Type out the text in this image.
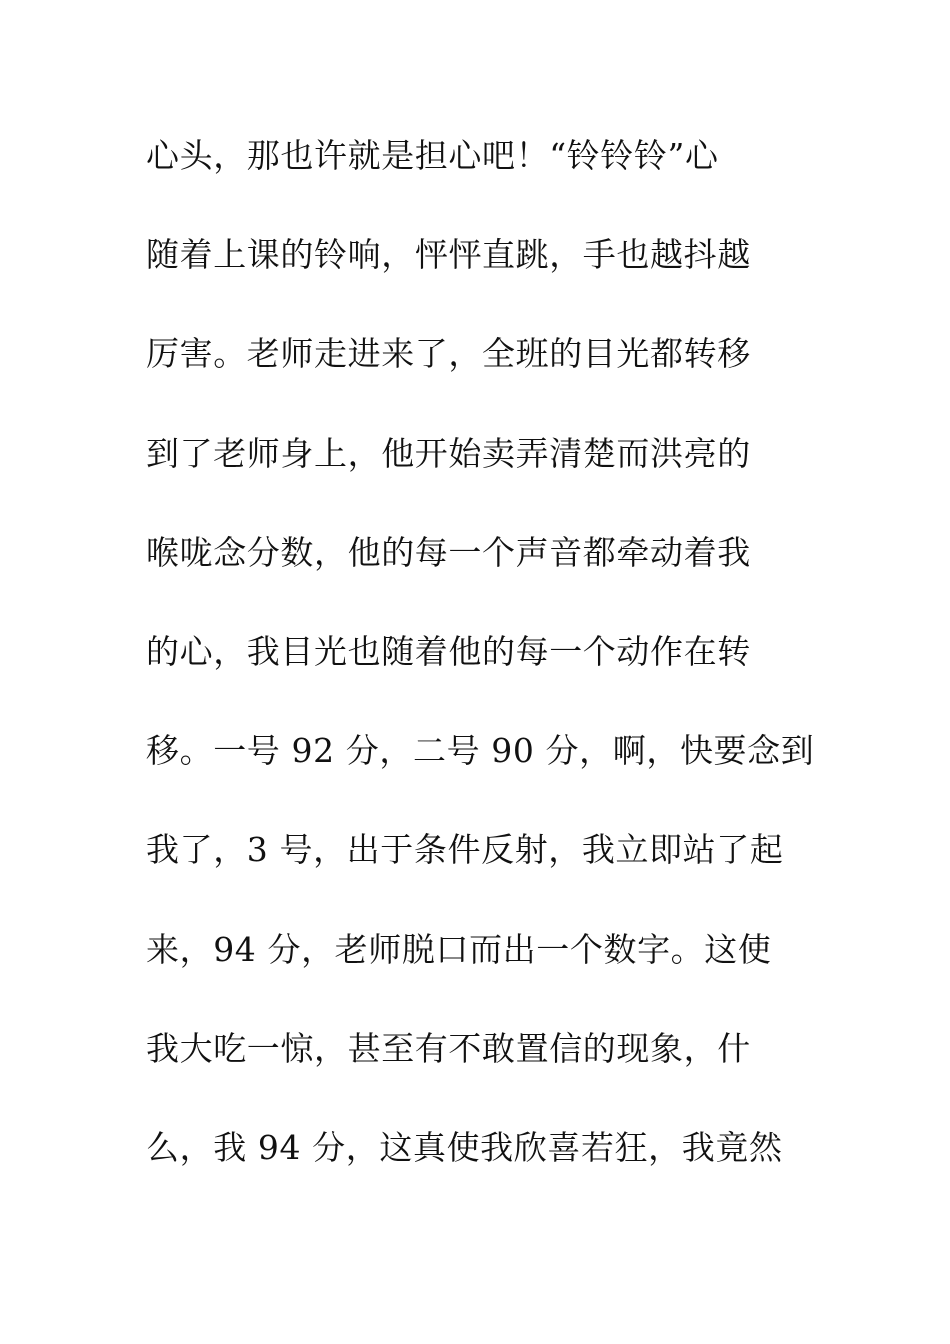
心头，那也许就是担心吧！“铃铃铃”心
随着上课的铃响，怦怦直跳，手也越抖越
厉害。老师走进来了，全班的目光都转移
到了老师身上，他开始卖弄清楚而洪亮的
喉咙念分数，他的每一个声音都牵动着我
的心，我目光也随着他的每一个动作在转
移。一号 92 分，二号 90 分，啊，快要念到
我了，3 号，出于条件反射，我立即站了起
来，94 分，老师脱口而出一个数字。这使
我大吃一惊，甚至有不敢置信的现象，什
么，我 94 分，这真使我欣喜若狂，我竟然
